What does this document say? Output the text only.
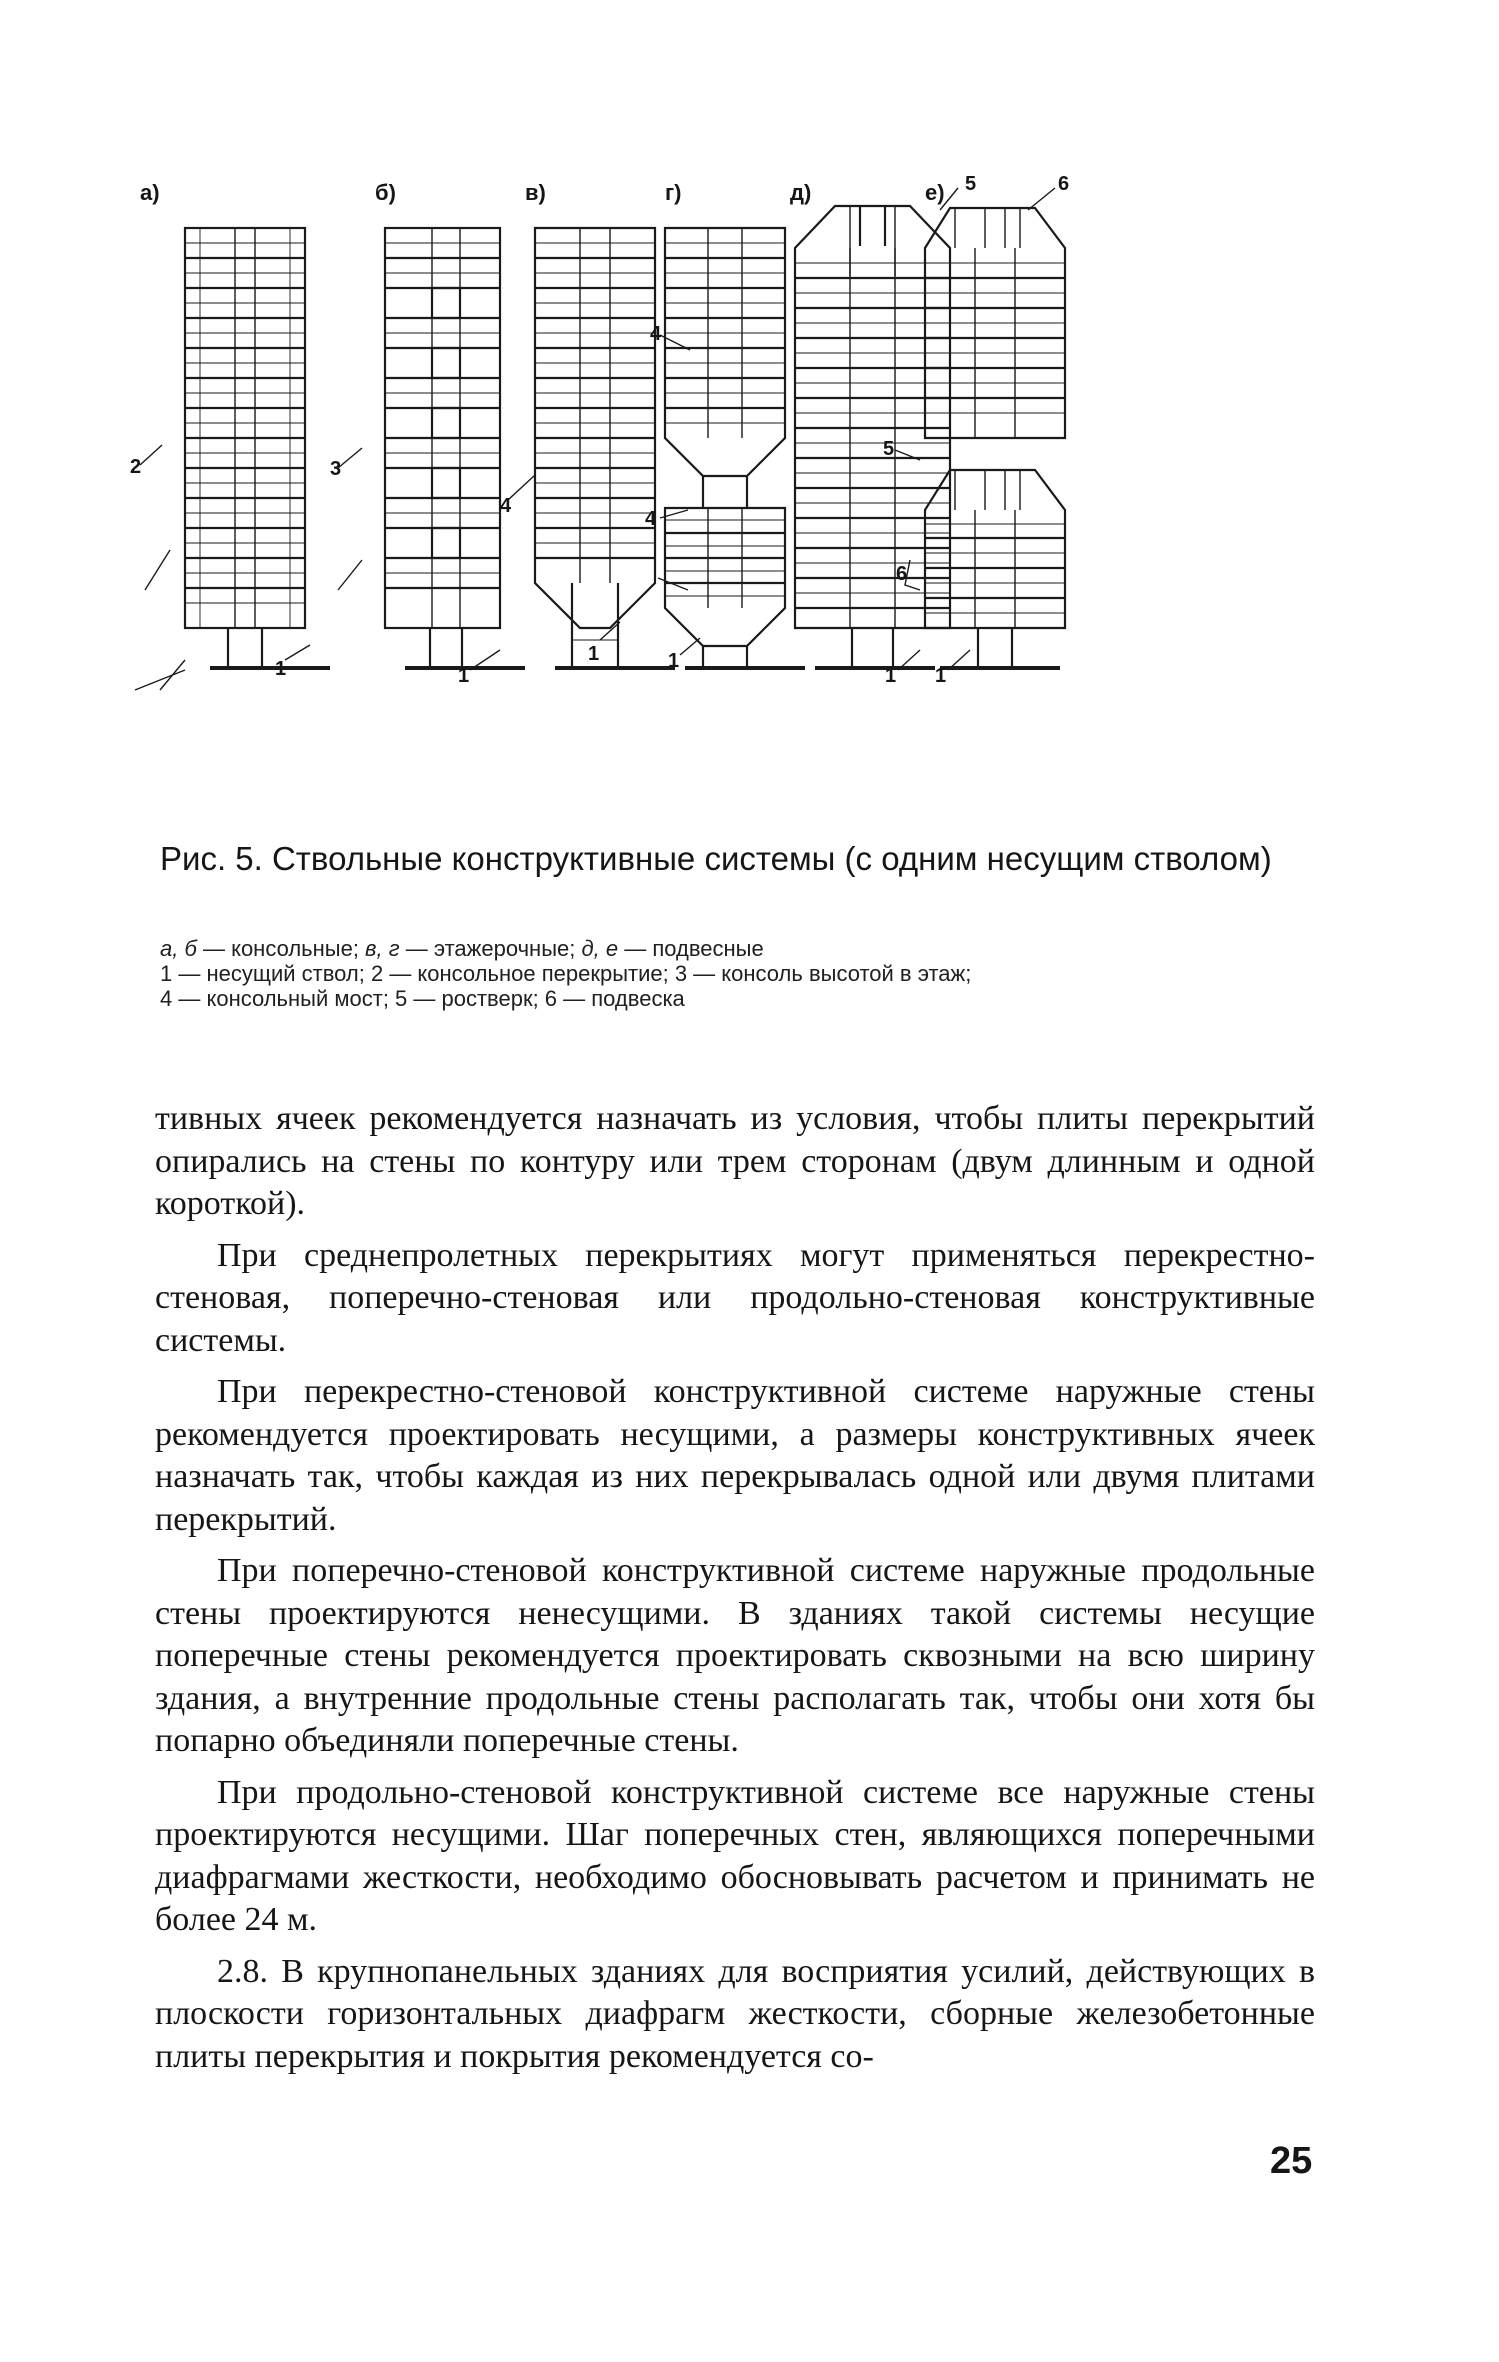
а)	б)	в)	г)	д)	е)
2	3
4
4
4
5	6
5
6
1	1
1	1
1 1
Рис. 5. Ствольные конструктивные системы (с одним несущим стволом)
а, б — консольные; в, г — этажерочные; д, е — подвесные
1 — несущий ствол; 2 — консольное перекрытие; 3 — консоль высотой в этаж;
4 — консольный мост; 5 — ростверк; 6 — подвеска

тивных ячеек рекомендуется назначать из условия, чтобы плиты перекрытий опирались на стены по контуру или трем сторонам (двум длинным и одной короткой).

При среднепролетных перекрытиях могут применяться перекрестно-стеновая, поперечно-стеновая или продольно-стеновая конструктивные системы.

При перекрестно-стеновой конструктивной системе наружные стены рекомендуется проектировать несущими, а размеры конструктивных ячеек назначать так, чтобы каждая из них перекрывалась одной или двумя плитами перекрытий.

При поперечно-стеновой конструктивной системе наружные продольные стены проектируются ненесущими. В зданиях такой системы несущие поперечные стены рекомендуется проектировать сквозными на всю ширину здания, а внутренние продольные стены располагать так, чтобы они хотя бы попарно объединяли поперечные стены.

При продольно-стеновой конструктивной системе все наружные стены проектируются несущими. Шаг поперечных стен, являющихся поперечными диафрагмами жесткости, необходимо обосновывать расчетом и принимать не более 24 м.

2.8. В крупнопанельных зданиях для восприятия усилий, действующих в плоскости горизонтальных диафрагм жесткости, сборные железобетонные плиты перекрытия и покрытия рекомендуется со-

25
